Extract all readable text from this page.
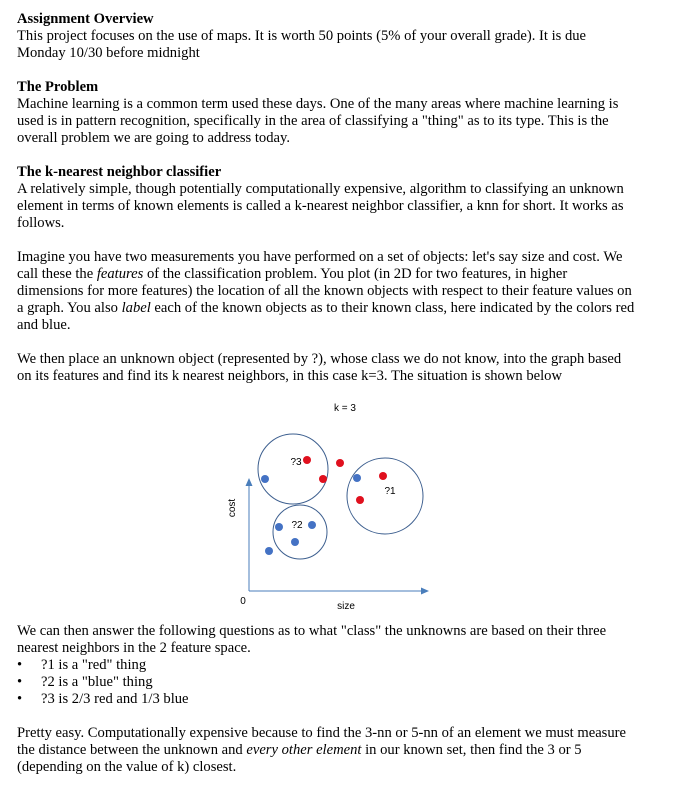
Assignment Overview

This project focuses on the use of maps. It is worth 50 points (5% of your overall grade). It is due

Monday 10/30 before midnight

The Problem

Machine learning is a common term used these days. One of the many areas where machine learning is

used is in pattern recognition, specifically in the area of classifying a "thing" as to its type. This is the

overall problem we are going to address today.

The k-nearest neighbor classifier

A relatively simple, though potentially computationally expensive, algorithm to classifying an unknown

element in terms of known elements is called a k-nearest neighbor classifier, a knn for short. It works as

follows.

Imagine you have two measurements you have performed on a set of objects: let's say size and cost. We

call these the features of the classification problem. You plot (in 2D for two features, in higher

dimensions for more features) the location of all the known objects with respect to their feature values on

a graph. You also label each of the known objects as to their known class, here indicated by the colors red

and blue.

We then place an unknown object (represented by ?), whose class we do not know, into the graph based

on its features and find its k nearest neighbors, in this case k=3. The situation is shown below

k = 3
0	size
cost
?3
?1
?2

We can then answer the following questions as to what "class" the unknowns are based on their three

nearest neighbors in the 2 feature space.

• ?1 is a "red" thing
• ?2 is a "blue" thing
• ?3 is 2/3 red and 1/3 blue

Pretty easy. Computationally expensive because to find the 3-nn or 5-nn of an element we must measure

the distance between the unknown and every other element in our known set, then find the 3 or 5

(depending on the value of k) closest.
